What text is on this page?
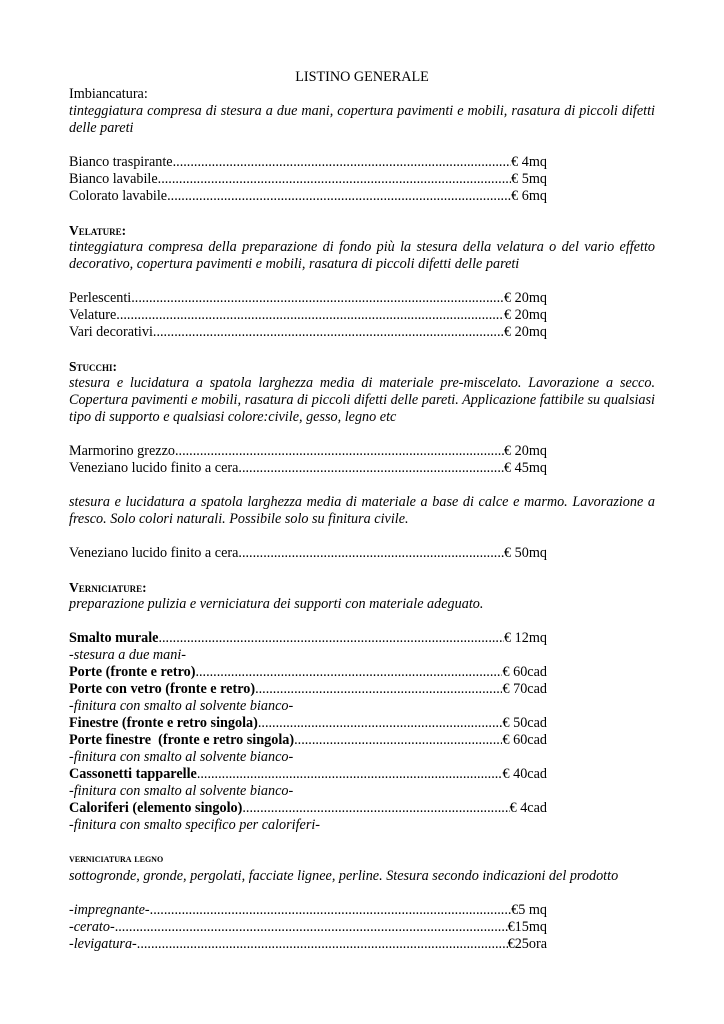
LISTINO GENERALE

Imbiancatura:

tinteggiatura compresa di stesura a due mani, copertura pavimenti e mobili, rasatura di piccoli difetti delle pareti

Bianco traspirante .....	€ 4mq
Bianco lavabile .....	€ 5mq
Colorato lavabile .....	€ 6mq

Velature:

tinteggiatura compresa della preparazione di fondo più la stesura della velatura o del vario effetto decorativo, copertura pavimenti e mobili, rasatura di piccoli difetti delle pareti

Perlescenti .....	€ 20mq
Velature .....	€ 20mq
Vari decorativi .....	€ 20mq

Stucchi:

stesura e lucidatura a spatola larghezza media di materiale pre-miscelato. Lavorazione a secco. Copertura pavimenti e mobili, rasatura di piccoli difetti delle pareti. Applicazione fattibile su qualsiasi tipo di supporto e qualsiasi colore:civile, gesso, legno etc

Marmorino grezzo .....	€ 20mq
Veneziano lucido finito a cera .....	€ 45mq

stesura e lucidatura a spatola larghezza media di materiale a base di calce e marmo. Lavorazione a fresco. Solo colori naturali. Possibile solo su finitura civile.

Veneziano lucido finito a cera .....	€ 50mq

Verniciature:

preparazione pulizia e verniciatura dei supporti con materiale adeguato.

Smalto murale .....	€ 12mq

-stesura a due mani-

Porte (fronte e retro) .....	€ 60cad
Porte con vetro (fronte e retro) .....	€ 70cad

-finitura con smalto al solvente bianco-

Finestre (fronte e retro singola) .....	€ 50cad
Porte finestre  (fronte e retro singola) .....	€ 60cad

-finitura con smalto al solvente bianco-

Cassonetti tapparelle .....	€ 40cad

-finitura con smalto al solvente bianco-

Caloriferi (elemento singolo) .....	€ 4cad

-finitura con smalto specifico per caloriferi-

verniciatura legno

sottogronde, gronde, pergolati, facciate lignee, perline. Stesura secondo indicazioni del prodotto

-impregnante- .....	€5 mq
-cerato- .....	€15mq
-levigatura- .....	€25ora
